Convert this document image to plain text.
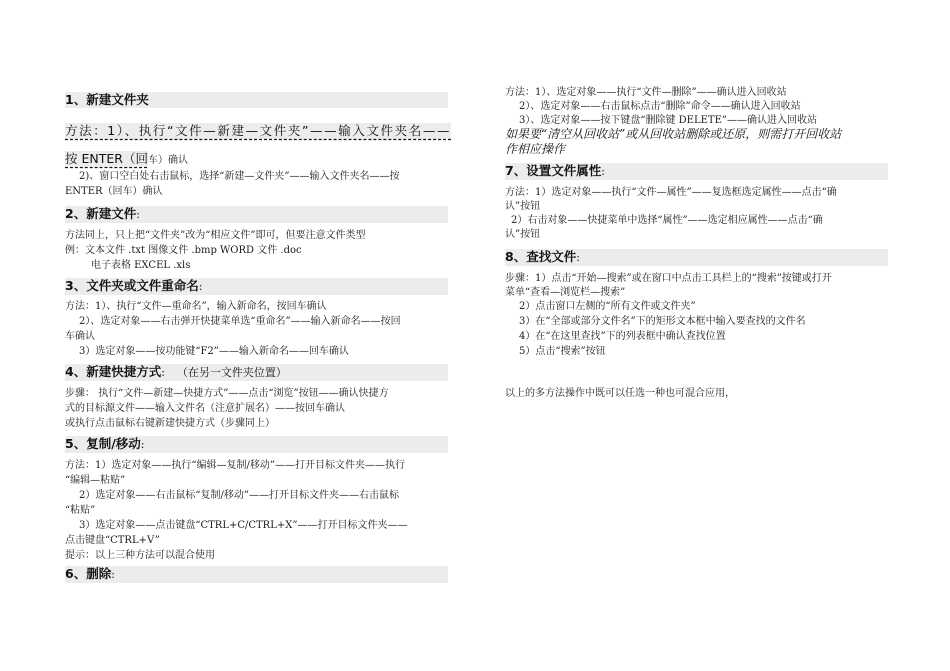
1、新建文件夹
方法：1）、执行“文件—新建—文件夹”——输入文件夹名——
按 ENTER（回车）确认
2)、窗口空白处右击鼠标，选择“新建—文件夹”——输入文件夹名——按
ENTER（回车）确认
2、新建文件:
方法同上，只上把“文件夹”改为“相应文件”即可，但要注意文件类型
例：文本文件 .txt 图像文件 .bmp WORD 文件 .doc
电子表格 EXCEL .xls
3、文件夹或文件重命名:
方法：1）、执行“文件—重命名”，输入新命名，按回车确认
2）、选定对象——右击弹开快捷菜单选“重命名”——输入新命名——按回
车确认
3）选定对象——按功能键“F2”——输入新命名——回车确认
4、新建快捷方式: （在另一文件夹位置）
步骤： 执行“文件—新建—快捷方式”——点击“浏览”按钮——确认快捷方
式的目标源文件——输入文件名（注意扩展名）——按回车确认
或执行点击鼠标右键新建快捷方式（步骤同上）
5、复制/移动:
方法：1）选定对象——执行“编辑—复制/移动”——打开目标文件夹——执行
“编辑—粘贴”
2）选定对象——右击鼠标“复制/移动”——打开目标文件夹——右击鼠标
“粘贴”
3）选定对象——点击键盘“CTRL+C/CTRL+X”——打开目标文件夹——
点击键盘“CTRL+V”
提示：以上三种方法可以混合使用
6、删除:
方法：1）、选定对象——执行“文件—删除”——确认进入回收站
2）、选定对象——右击鼠标点击“删除”命令——确认进入回收站
3）、选定对象——按下键盘“删除键 DELETE”——确认进入回收站
如果要“清空从回收站”或从回收站删除或还原，则需打开回收站
作相应操作
7、设置文件属性:
方法：1）选定对象——执行“文件—属性”——复选框选定属性——点击“确
认”按钮
2）右击对象——快捷菜单中选择“属性”——选定相应属性——点击“确
认”按钮
8、查找文件:
步骤：1）点击“开始—搜索”或在窗口中点击工具栏上的“搜索”按键或打开
菜单“查看—浏览栏—搜索”
2）点击窗口左侧的“所有文件或文件夹”
3）在“全部或部分文件名”下的矩形文本框中输入要查找的文件名
4）在“在这里查找”下的列表框中确认查找位置
5）点击“搜索”按钮
以上的多方法操作中既可以任选一种也可混合应用，
